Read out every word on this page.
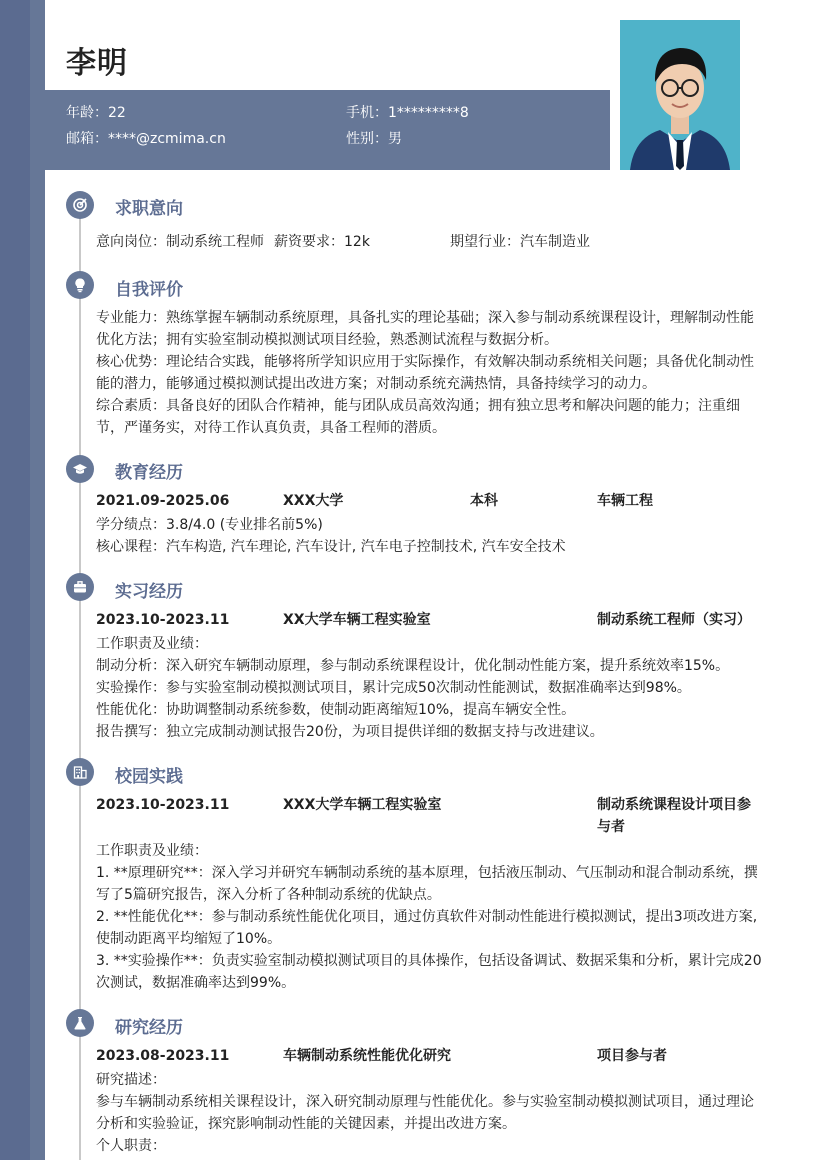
李明
年龄：22	手机：1*********8
邮箱：****@zcmima.cn	性别：男
求职意向
意向岗位：制动系统工程师 薪资要求：12k	期望行业：汽车制造业
自我评价
专业能力：熟练掌握车辆制动系统原理，具备扎实的理论基础；深入参与制动系统课程设计，理解制动性能
优化方法；拥有实验室制动模拟测试项目经验，熟悉测试流程与数据分析。
核心优势：理论结合实践，能够将所学知识应用于实际操作，有效解决制动系统相关问题；具备优化制动性
能的潜力，能够通过模拟测试提出改进方案；对制动系统充满热情，具备持续学习的动力。
综合素质：具备良好的团队合作精神，能与团队成员高效沟通；拥有独立思考和解决问题的能力；注重细
节，严谨务实，对待工作认真负责，具备工程师的潜质。
教育经历
2021.09-2025.06	XXX大学	本科	车辆工程
学分绩点：3.8/4.0 (专业排名前5%)
核心课程：汽车构造, 汽车理论, 汽车设计, 汽车电子控制技术, 汽车安全技术
实习经历
2023.10-2023.11	XX大学车辆工程实验室	制动系统工程师（实习）
工作职责及业绩：
制动分析：深入研究车辆制动原理，参与制动系统课程设计，优化制动性能方案，提升系统效率15%。
实验操作：参与实验室制动模拟测试项目，累计完成50次制动性能测试，数据准确率达到98%。
性能优化：协助调整制动系统参数，使制动距离缩短10%，提高车辆安全性。
报告撰写：独立完成制动测试报告20份，为项目提供详细的数据支持与改进建议。
校园实践
2023.10-2023.11	XXX大学车辆工程实验室	制动系统课程设计项目参
与者
工作职责及业绩：
1. **原理研究**：深入学习并研究车辆制动系统的基本原理，包括液压制动、气压制动和混合制动系统，撰
写了5篇研究报告，深入分析了各种制动系统的优缺点。
2. **性能优化**：参与制动系统性能优化项目，通过仿真软件对制动性能进行模拟测试，提出3项改进方案,
使制动距离平均缩短了10%。
3. **实验操作**：负责实验室制动模拟测试项目的具体操作，包括设备调试、数据采集和分析，累计完成20
次测试，数据准确率达到99%。
研究经历
2023.08-2023.11	车辆制动系统性能优化研究	项目参与者
研究描述：
参与车辆制动系统相关课程设计，深入研究制动原理与性能优化。参与实验室制动模拟测试项目，通过理论
分析和实验验证，探究影响制动性能的关键因素，并提出改进方案。
个人职责：
